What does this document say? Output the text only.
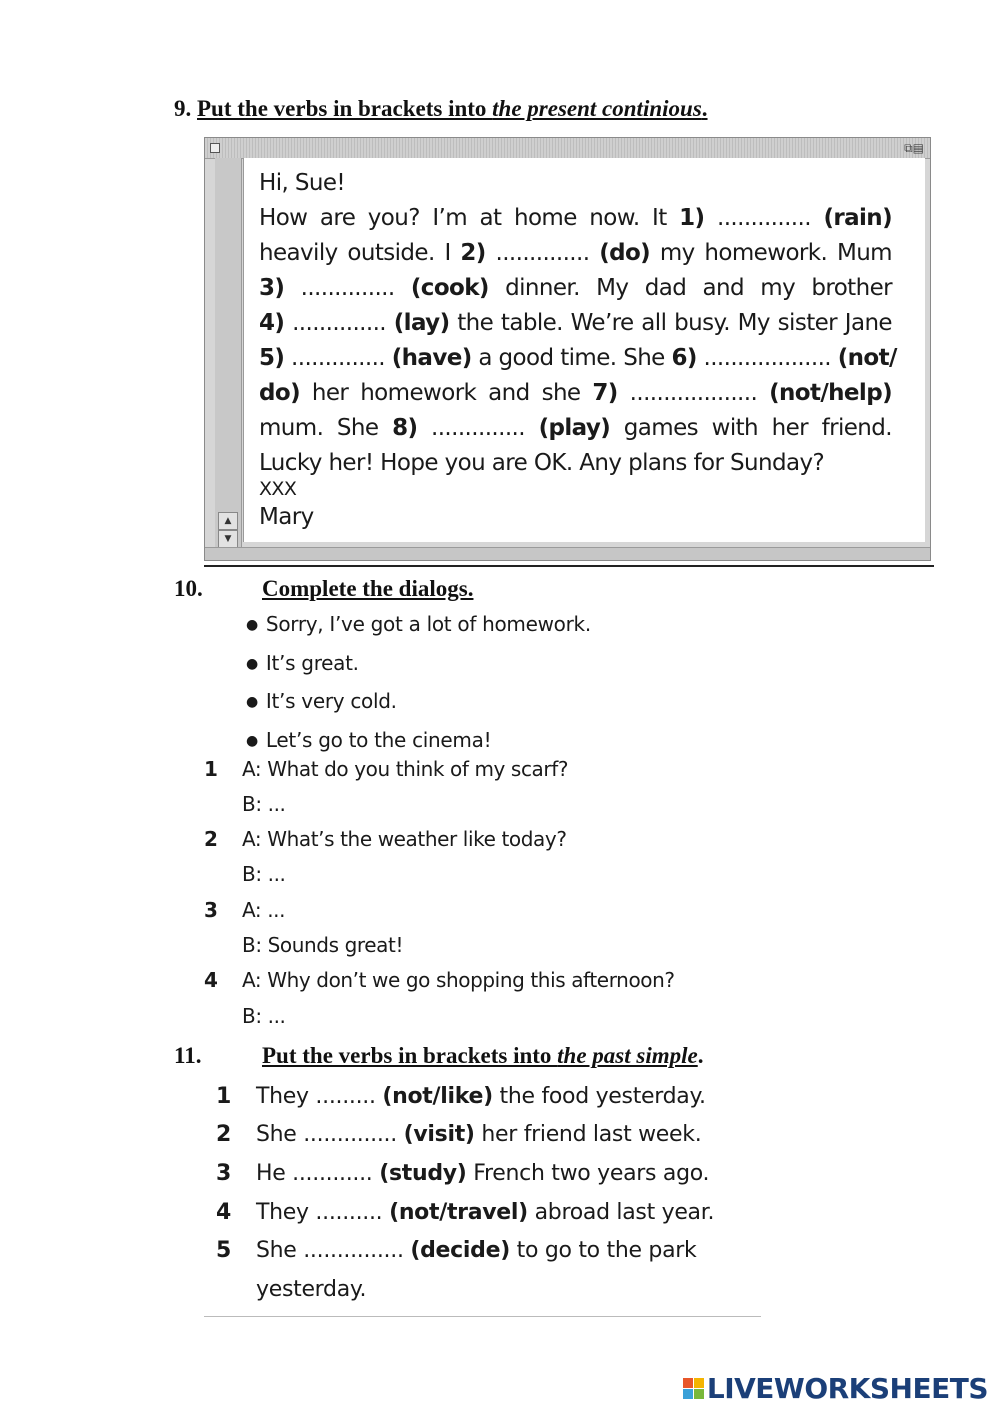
9. Put the verbs in brackets into the present continious.
⧉▤
▲
▼
Hi, Sue!
How are you? I’m at home now. It 1) .............. (rain)
heavily outside. I 2) .............. (do) my homework. Mum
3) .............. (cook) dinner. My dad and my brother
4) .............. (lay) the table. We’re all busy. My sister Jane
5) .............. (have) a good time. She 6) ................... (not/
do) her homework and she 7) ................... (not/help)
mum. She 8) .............. (play) games with her friend.
Lucky her! Hope you are OK. Any plans for Sunday?
XXX
Mary
10.	Complete the dialogs.
● Sorry, I’ve got a lot of homework.
● It’s great.
● It’s very cold.
● Let’s go to the cinema!
1 A: What do you think of my scarf?
B: ...
2 A: What’s the weather like today?
B: ...
3 A: ...
B: Sounds great!
4 A: Why don’t we go shopping this afternoon?
B: ...
11.	Put the verbs in brackets into the past simple.
1 They ......... (not/like) the food yesterday.
2 She .............. (visit) her friend last week.
3 He ............ (study) French two years ago.
4 They .......... (not/travel) abroad last year.
5 She ............... (decide) to go to the park
yesterday.
LIVEWORKSHEETS
